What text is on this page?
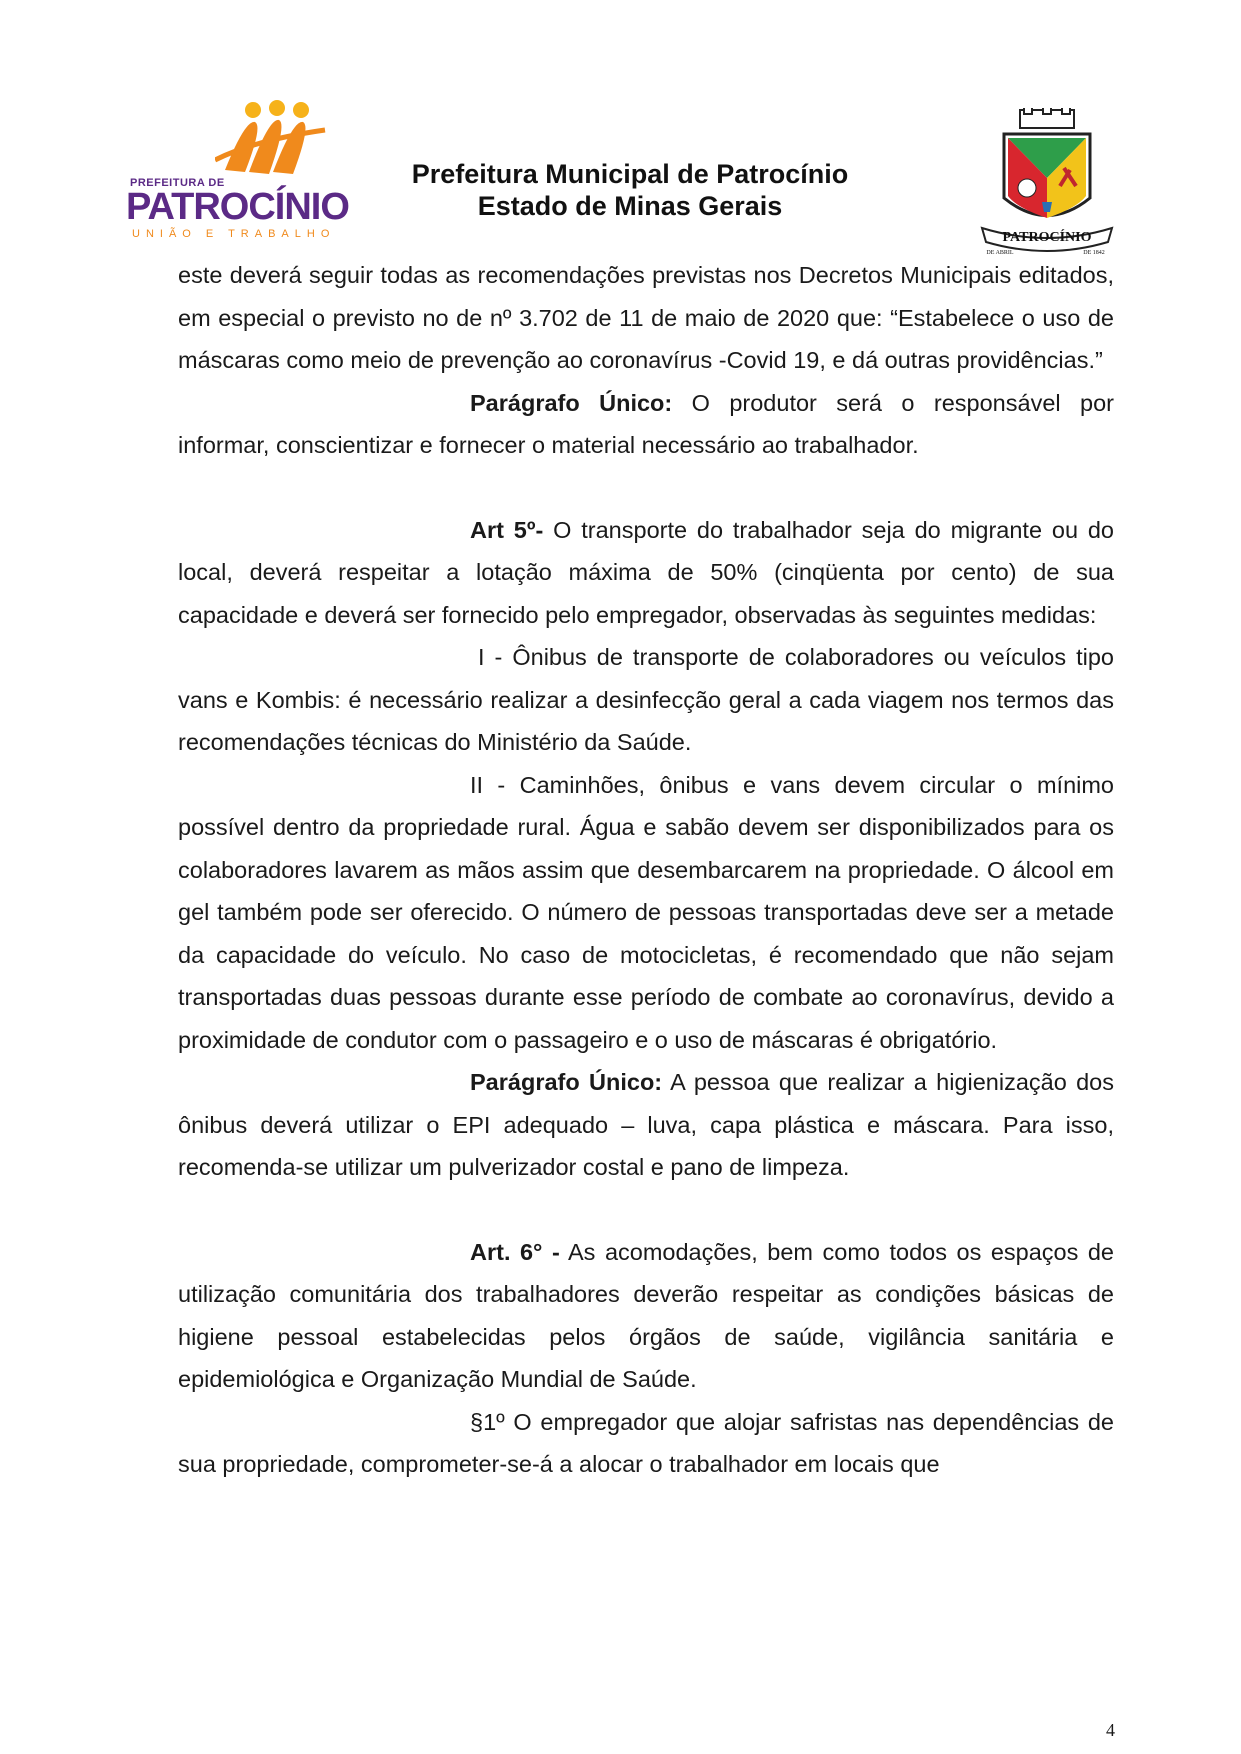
PREFEITURA DE
PATROCÍNIO
UNIÃO E TRABALHO
Prefeitura Municipal de Patrocínio
Estado de Minas Gerais
PATROCÍNIO
DE ABRIL	DE 1842

este deverá seguir todas as recomendações previstas nos Decretos Municipais editados, em especial o previsto no de nº 3.702 de 11 de maio de 2020 que: “Estabelece o uso de máscaras como meio de prevenção ao coronavírus -Covid 19, e dá outras providências.”

Parágrafo Único: O produtor será o responsável por informar, conscientizar e fornecer o material necessário ao trabalhador.

Art 5º- O transporte do trabalhador seja do migrante ou do local, deverá respeitar a lotação máxima de 50% (cinqüenta por cento) de sua capacidade e deverá ser fornecido pelo empregador, observadas às seguintes medidas:

I - Ônibus de transporte de colaboradores ou veículos tipo vans e Kombis: é necessário realizar a desinfecção geral a cada viagem nos termos das recomendações técnicas do Ministério da Saúde.

II - Caminhões, ônibus e vans devem circular o mínimo possível dentro da propriedade rural. Água e sabão devem ser disponibilizados para os colaboradores lavarem as mãos assim que desembarcarem na propriedade. O álcool em gel também pode ser oferecido. O número de pessoas transportadas deve ser a metade da capacidade do veículo. No caso de motocicletas, é recomendado que não sejam transportadas duas pessoas durante esse período de combate ao coronavírus, devido a proximidade de condutor com o passageiro e o uso de máscaras é obrigatório.

Parágrafo Único: A pessoa que realizar a higienização dos ônibus deverá utilizar o EPI adequado – luva, capa plástica e máscara. Para isso, recomenda-se utilizar um pulverizador costal e pano de limpeza.

Art. 6° - As acomodações, bem como todos os espaços de utilização comunitária dos trabalhadores deverão respeitar as condições básicas de higiene pessoal estabelecidas pelos órgãos de saúde, vigilância sanitária e epidemiológica e Organização Mundial de Saúde.

§1º O empregador que alojar safristas nas dependências de sua propriedade, comprometer-se-á a alocar o trabalhador em locais que

4
